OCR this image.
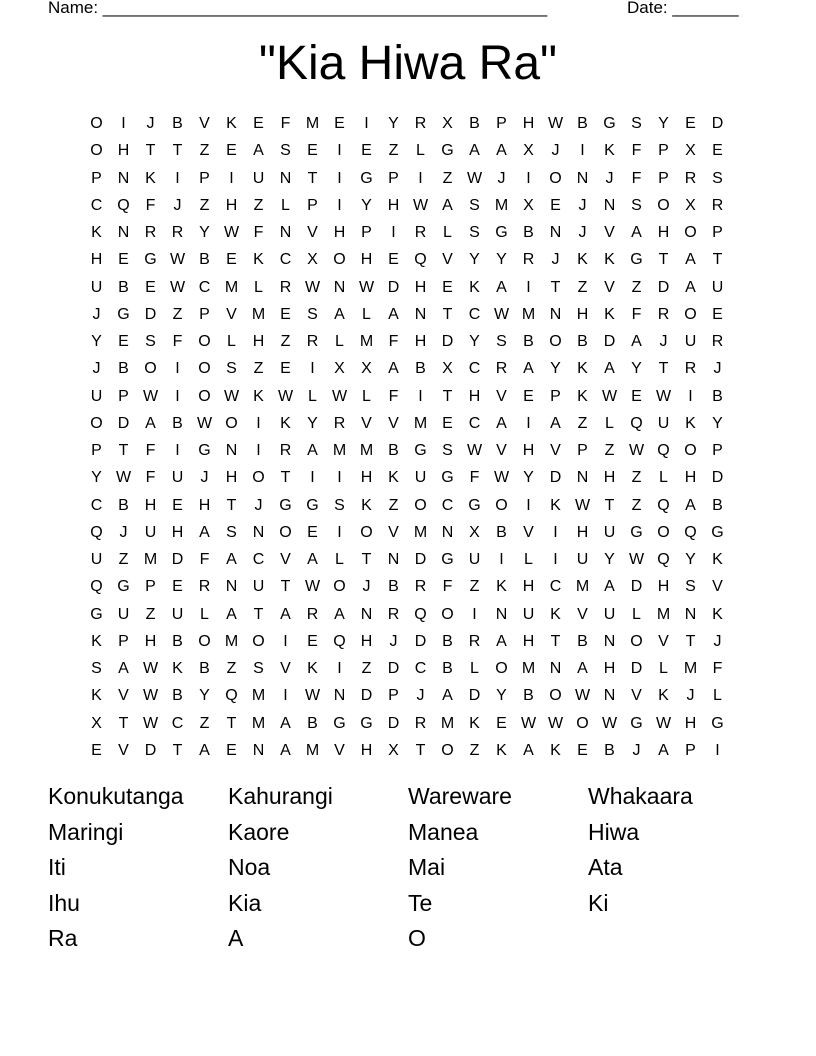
Name: _______________________________________________	Date: _______
"Kia Hiwa Ra"
O	I	J	B	V	K	E	F M E	I	Y R X	B	P H W B G S	Y	E D
O H	T	T	Z	E	A	S	E	I	E	Z	L	G A	A	X	J	I	K	F	P	X	E
P N K	I	P	I	U N	T	I	G P	I	Z W J	I	O N	J	F	P R S
C Q F	J	Z	H	Z	L	P	I	Y H W A	S M X	E	J	N S O X R
K N R R Y W F	N V H P	I	R	L	S G B N	J	V	A H O P
H E G W B	E	K C X O H E Q V	Y	Y R	J	K	K G T	A	T
U B	E W C M L	R W N W D H E	K	A	I	T	Z	V	Z	D A U
J	G D	Z	P	V M E	S	A	L	A N	T	C W M N H K	F	R O E
Y	E	S	F O	L	H	Z	R	L M F	H D Y	S	B O B D A	J	U R
J	B O	I	O S	Z	E	I	X	X	A	B	X C R A	Y	K	A	Y	T	R	J
U P W	I	O W K W L W L	F	I	T	H V	E	P	K W E W	I	B
O D A	B W O	I	K	Y R V	V M E C A	I	A	Z	L	Q U K	Y
P	T	F	I	G N	I	R A M M B G S W V H V	P	Z W Q O P
Y W F	U	J	H O T	I	I	H K U G F W Y D N H	Z	L	H D
C B H E H	T	J	G G S	K	Z O C G O	I	K W T	Z Q A	B
Q	J	U H A	S N O E	I	O V M N X	B	V	I	H U G O Q G
U	Z M D	F	A C V	A	L	T	N D G U	I	L	I	U Y W Q Y	K
Q G P	E R N U	T W O	J	B R	F	Z	K H C M A D H S	V
G U	Z	U	L	A	T	A R A N R Q O	I	N U K	V U	L M N K
K	P H B O M O	I	E Q H	J	D B R A H	T	B N O V	T	J
S	A W K	B	Z	S	V	K	I	Z	D C B	L	O M N A H D	L M F
K	V W B	Y Q M	I	W N D P	J	A D Y	B O W N V	K	J	L
X	T W C	Z	T M A	B G G D R M K	E W W O W G W H G
E	V D	T	A	E N A M V H X	T O Z	K	A	K	E	B	J	A	P	I
Konukutanga	Kahurangi	Wareware	Whakaara
Maringi	Kaore	Manea	Hiwa
Iti	Noa	Mai	Ata
Ihu	Kia	Te	Ki
Ra	A	O
